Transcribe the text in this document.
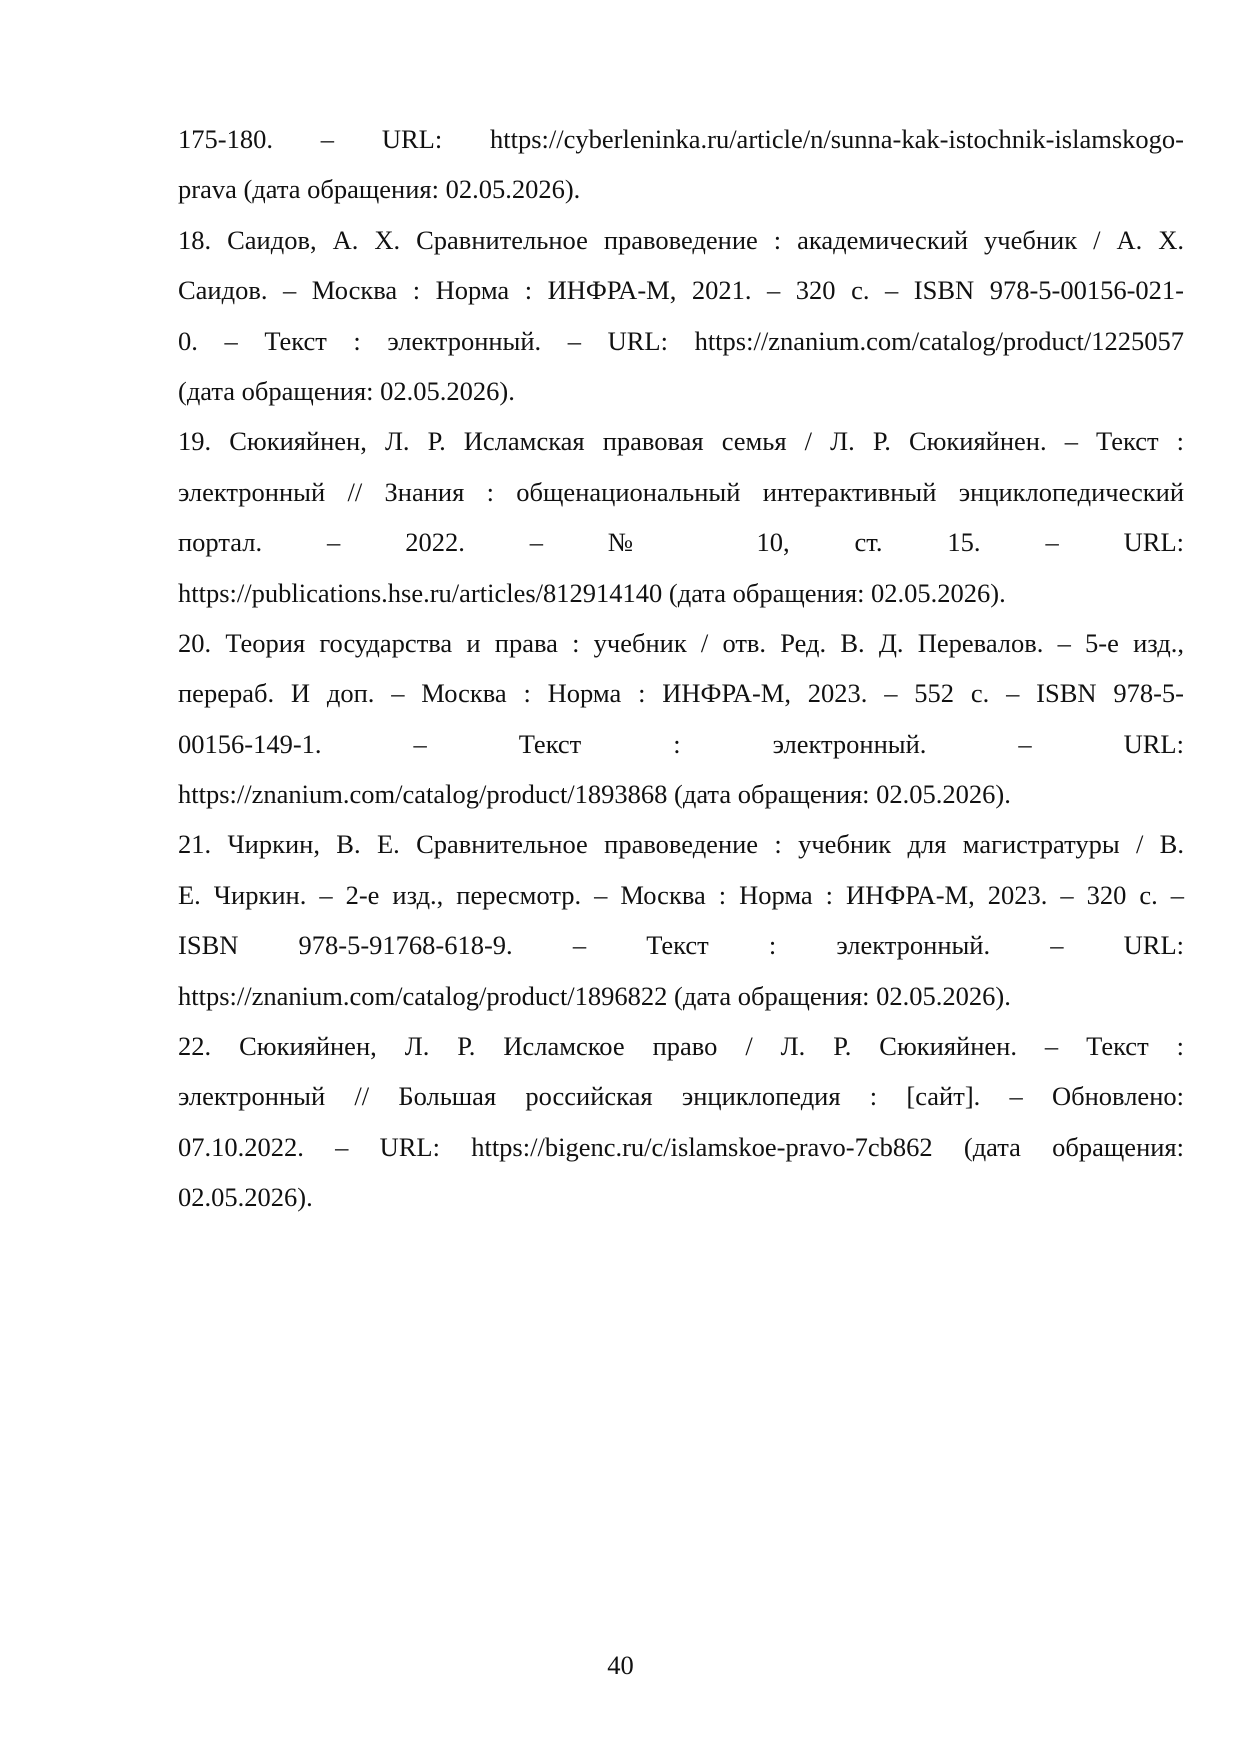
175-180. – URL: https://cyberleninka.ru/article/n/sunna-kak-istochnik-islamskogo-
prava (дата обращения: 02.05.2026).
18. Саидов, А. Х. Сравнительное правоведение : академический учебник / А. Х.
Саидов. – Москва : Норма : ИНФРА-М, 2021. – 320 с. – ISBN 978-5-00156-021-
0. – Текст : электронный. – URL: https://znanium.com/catalog/product/1225057
(дата обращения: 02.05.2026).
19. Сюкияйнен, Л. Р. Исламская правовая семья / Л. Р. Сюкияйнен. – Текст :
электронный // Знания : общенациональный интерактивный энциклопедический
портал. – 2022. – № 10, ст. 15. – URL:
https://publications.hse.ru/articles/812914140 (дата обращения: 02.05.2026).
20. Теория государства и права : учебник / отв. Ред. В. Д. Перевалов. – 5-е изд.,
перераб. И доп. – Москва : Норма : ИНФРА-М, 2023. – 552 с. – ISBN 978-5-
00156-149-1. – Текст : электронный. – URL:
https://znanium.com/catalog/product/1893868 (дата обращения: 02.05.2026).
21. Чиркин, В. Е. Сравнительное правоведение : учебник для магистратуры / В.
Е. Чиркин. – 2-е изд., пересмотр. – Москва : Норма : ИНФРА-М, 2023. – 320 с. –
ISBN 978-5-91768-618-9. – Текст : электронный. – URL:
https://znanium.com/catalog/product/1896822 (дата обращения: 02.05.2026).
22. Сюкияйнен, Л. Р. Исламское право / Л. Р. Сюкияйнен. – Текст :
электронный // Большая российская энциклопедия : [сайт]. – Обновлено:
07.10.2022. – URL: https://bigenc.ru/c/islamskoe-pravo-7cb862 (дата обращения:
02.05.2026).
40
